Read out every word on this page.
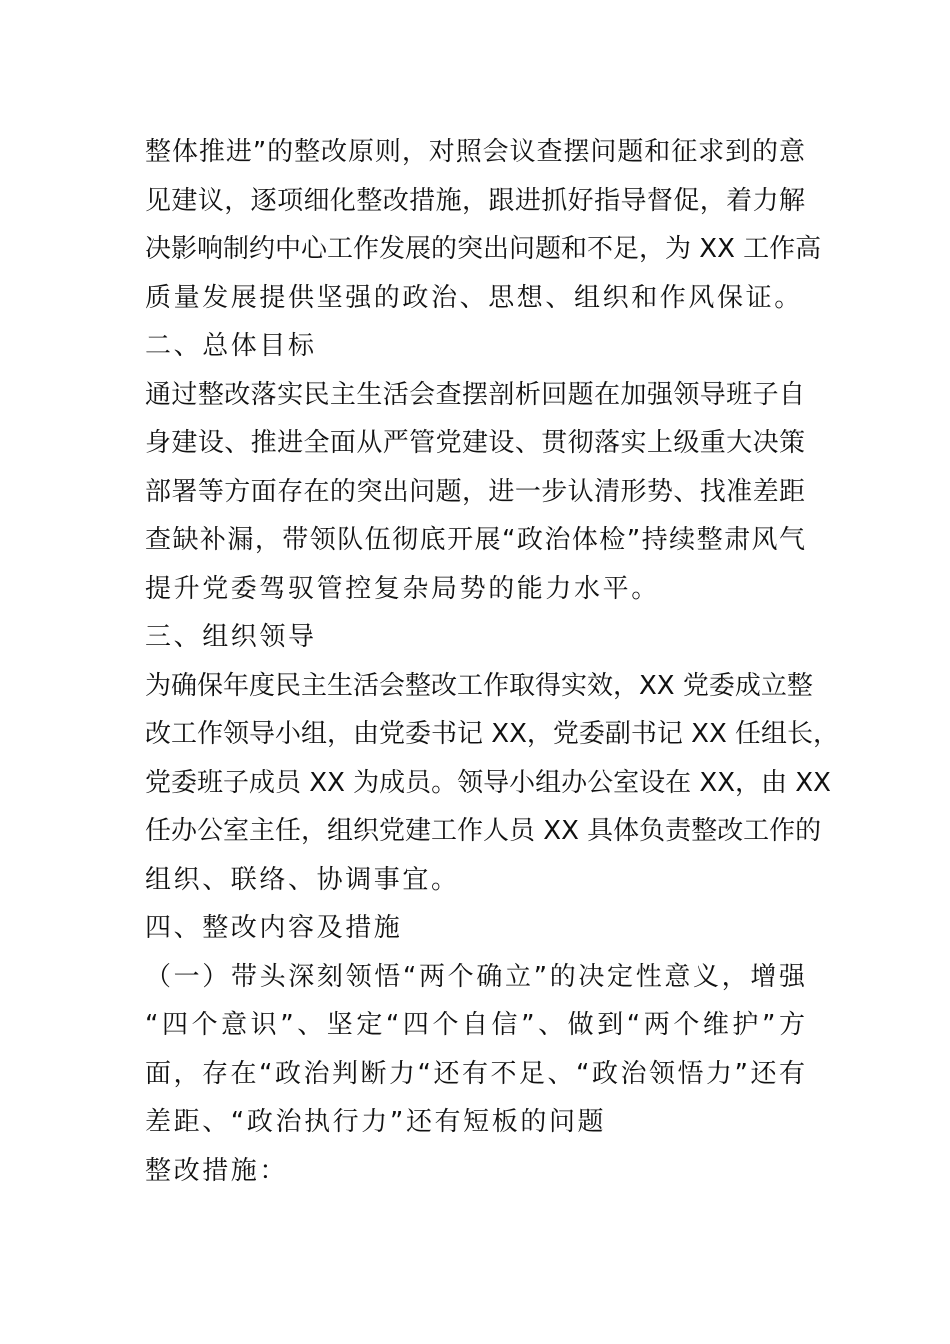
整体推进”的整改原则，对照会议查摆问题和征求到的意
见建议，逐项细化整改措施，跟进抓好指导督促，着力解
决影响制约中心工作发展的突出问题和不足，为 XX 工作高
质量发展提供坚强的政治、思想、组织和作风保证。
二、总体目标
通过整改落实民主生活会查摆剖析回题在加强领导班子自
身建设、推进全面从严管党建设、贯彻落实上级重大决策
部署等方面存在的突出问题，进一步认清形势、找准差距
查缺补漏，带领队伍彻底开展“政治体检”持续整肃风气
提升党委驾驭管控复杂局势的能力水平。
三、组织领导
为确保年度民主生活会整改工作取得实效，XX 党委成立整
改工作领导小组，由党委书记 XX，党委副书记 XX 任组长，
党委班子成员 XX 为成员。领导小组办公室设在 XX，由 XX
任办公室主任，组织党建工作人员 XX 具体负责整改工作的
组织、联络、协调事宜。
四、整改内容及措施
（一）带头深刻领悟“两个确立”的决定性意义，增强
“四个意识”、坚定“四个自信”、做到“两个维护”方
面，存在“政治判断力“还有不足、“政治领悟力”还有
差距、“政治执行力”还有短板的问题
整改措施：
